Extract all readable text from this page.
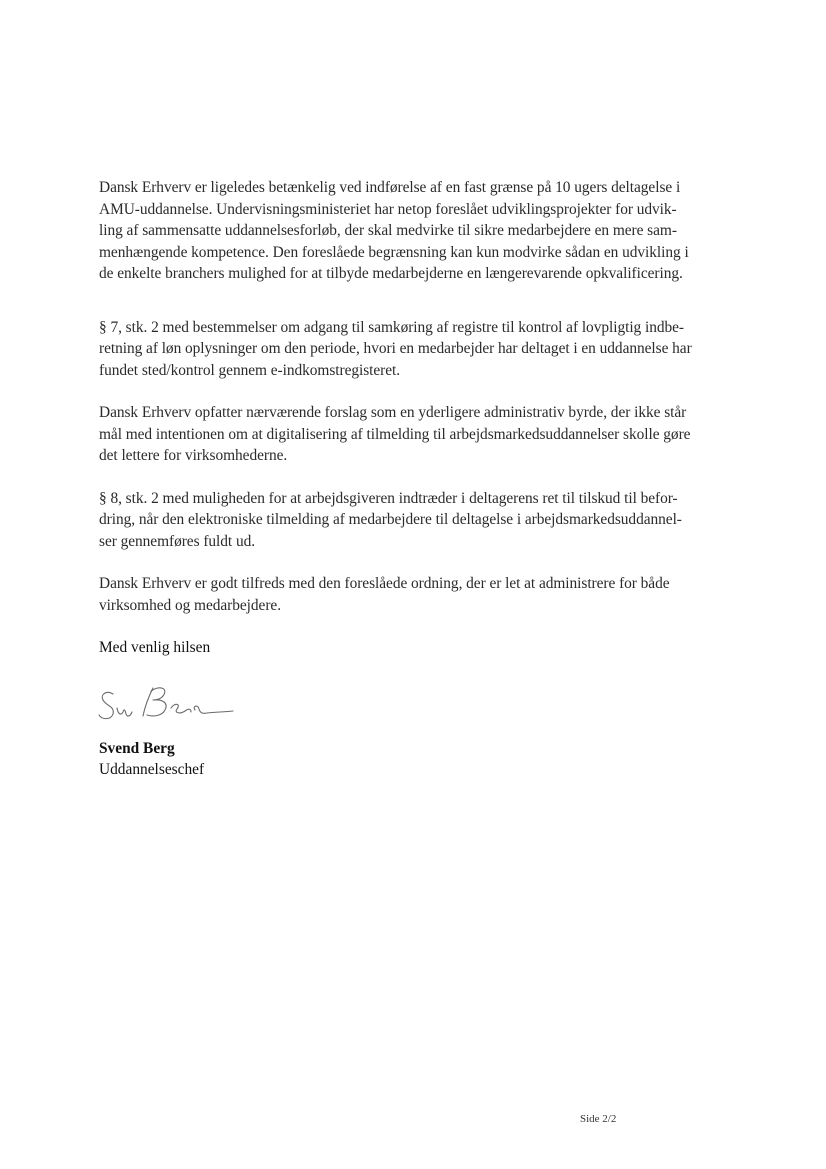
Dansk Erhverv er ligeledes betænkelig ved indførelse af en fast grænse på 10 ugers deltagelse i
AMU-uddannelse. Undervisningsministeriet har netop foreslået udviklingsprojekter for udvik-
ling af sammensatte uddannelsesforløb, der skal medvirke til sikre medarbejdere en mere sam-
menhængende kompetence. Den foreslåede begrænsning kan kun modvirke sådan en udvikling i
de enkelte branchers mulighed for at tilbyde medarbejderne en længerevarende opkvalificering.

§ 7, stk. 2 med bestemmelser om adgang til samkøring af registre til kontrol af lovpligtig indbe-
retning af løn oplysninger om den periode, hvori en medarbejder har deltaget i en uddannelse har
fundet sted/kontrol gennem e-indkomstregisteret.

Dansk Erhverv opfatter nærværende forslag som en yderligere administrativ byrde, der ikke står
mål med intentionen om at digitalisering af tilmelding til arbejdsmarkedsuddannelser skolle gøre
det lettere for virksomhederne.

§ 8, stk. 2 med muligheden for at arbejdsgiveren indtræder i deltagerens ret til tilskud til befor-
dring, når den elektroniske tilmelding af medarbejdere til deltagelse i arbejdsmarkedsuddannel-
ser gennemføres fuldt ud.

Dansk Erhverv er godt tilfreds med den foreslåede ordning, der er let at administrere for både
virksomhed og medarbejdere.

Med venlig hilsen

Svend Berg

Uddannelseschef

Side 2/2
